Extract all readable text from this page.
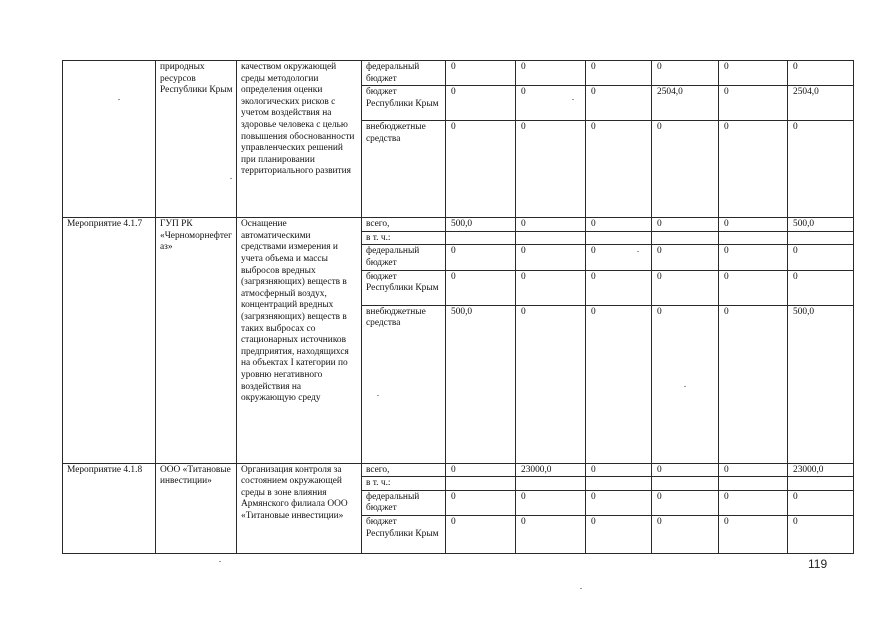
	природных ресурсов Республики Крым	качеством окружающей среды методологии определения оценки экологических рисков с учетом воздействия на здоровье человека с целью повышения обоснованности управленческих решений при планировании территориального развития	федеральный бюджет	0	0	0	0	0	0
			бюджет Республики Крым	0	0	0	2504,0	0	2504,0
			внебюджетные средства	0	0	0	0	0	0
Мероприятие 4.1.7	ГУП РК «Черноморнефтегаз»	Оснащение автоматическими средствами измерения и учета объема и массы выбросов вредных (загрязняющих) веществ в атмосферный воздух, концентраций вредных (загрязняющих) веществ в таких выбросах со стационарных источников предприятия, находящихся на объектах I категории по уровню негативного воздействия на окружающую среду	всего,	500,0	0	0	0	0	500,0
			в т. ч.:						
			федеральный бюджет	0	0	0	0	0	0
			бюджет Республики Крым	0	0	0	0	0	0
			внебюджетные средства	500,0	0	0	0	0	500,0
Мероприятие 4.1.8	ООО «Титановые инвестиции»	Организация контроля за состоянием окружающей среды в зоне влияния Армянского филиала ООО «Титановые инвестиции»	всего,	0	23000,0	0	0	0	23000,0
			в т. ч.:						
			федеральный бюджет	0	0	0	0	0	0
			бюджет Республики Крым	0	0	0	0	0	0
119
